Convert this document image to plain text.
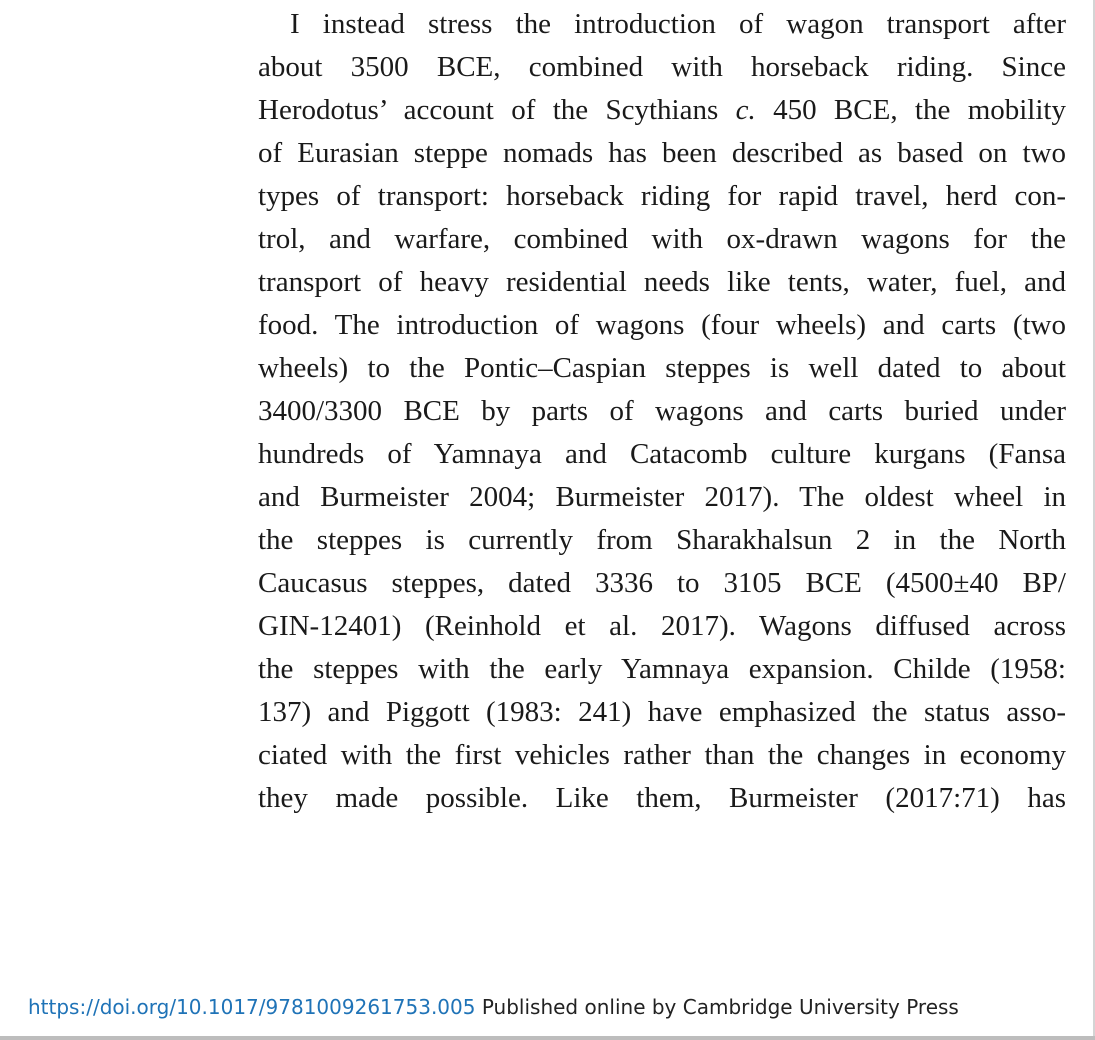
I instead stress the introduction of wagon transport after
about 3500 BCE, combined with horseback riding. Since
Herodotus’ account of the Scythians c. 450 BCE, the mobility
of Eurasian steppe nomads has been described as based on two
types of transport: horseback riding for rapid travel, herd con-
trol, and warfare, combined with ox-drawn wagons for the
transport of heavy residential needs like tents, water, fuel, and
food. The introduction of wagons (four wheels) and carts (two
wheels) to the Pontic–Caspian steppes is well dated to about
3400/3300 BCE by parts of wagons and carts buried under
hundreds of Yamnaya and Catacomb culture kurgans (Fansa
and Burmeister 2004; Burmeister 2017). The oldest wheel in
the steppes is currently from Sharakhalsun 2 in the North
Caucasus steppes, dated 3336 to 3105 BCE (4500±40 BP/
GIN-12401) (Reinhold et al. 2017). Wagons diffused across
the steppes with the early Yamnaya expansion. Childe (1958:
137) and Piggott (1983: 241) have emphasized the status asso-
ciated with the first vehicles rather than the changes in economy
they made possible. Like them, Burmeister (2017:71) has
https://doi.org/10.1017/9781009261753.005 Published online by Cambridge University Press
